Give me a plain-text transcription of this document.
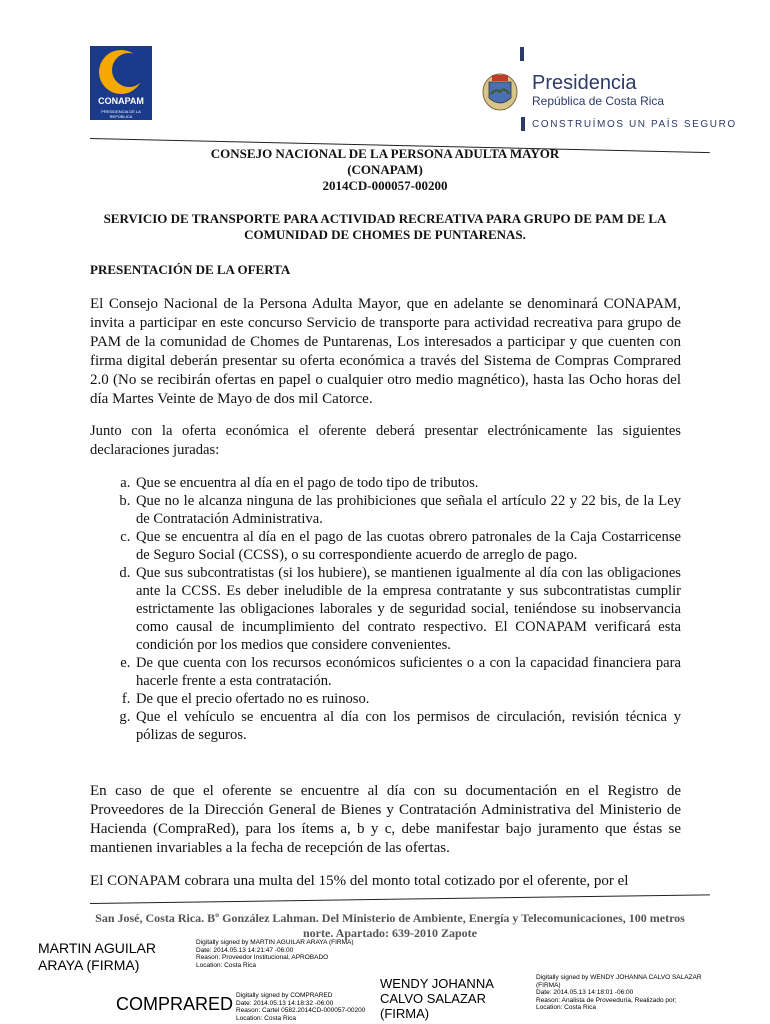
CONAPAM
PRESIDENCIA DE LA REPÚBLICA
Presidencia
República de Costa Rica
CONSTRUÍMOS UN PAÍS SEGURO
CONSEJO NACIONAL DE LA PERSONA ADULTA MAYOR
(CONAPAM)
2014CD-000057-00200
SERVICIO DE TRANSPORTE PARA ACTIVIDAD RECREATIVA PARA GRUPO DE PAM DE LA COMUNIDAD DE CHOMES DE PUNTARENAS.
PRESENTACIÓN DE LA OFERTA
El Consejo Nacional de la Persona Adulta Mayor, que en adelante se denominará CONAPAM, invita a participar en este concurso Servicio de transporte para actividad recreativa para grupo de PAM de la comunidad de Chomes de Puntarenas, Los interesados a participar y que cuenten con firma digital deberán presentar su oferta económica a través del Sistema de Compras Comprared 2.0 (No se recibirán ofertas en papel o cualquier otro medio magnético), hasta las Ocho horas del día Martes Veinte de Mayo de dos mil Catorce.
Junto con la oferta económica el oferente deberá presentar electrónicamente las siguientes declaraciones juradas:
a. Que se encuentra al día en el pago de todo tipo de tributos.
b. Que no le alcanza ninguna de las prohibiciones que señala el artículo 22 y 22 bis, de la Ley de Contratación Administrativa.
c. Que se encuentra al día en el pago de las cuotas obrero patronales de la Caja Costarricense de Seguro Social (CCSS), o su correspondiente acuerdo de arreglo de pago.
d. Que sus subcontratistas (si los hubiere), se mantienen igualmente al día con las obligaciones ante la CCSS. Es deber ineludible de la empresa contratante y sus subcontratistas cumplir estrictamente las obligaciones laborales y de seguridad social, teniéndose su inobservancia como causal de incumplimiento del contrato respectivo. El CONAPAM verificará esta condición por los medios que considere convenientes.
e. De que cuenta con los recursos económicos suficientes o a con la capacidad financiera para hacerle frente a esta contratación.
f. De que el precio ofertado no es ruinoso.
g. Que el vehículo se encuentra al día con los permisos de circulación, revisión técnica y pólizas de seguros.
En caso de que el oferente se encuentre al día con su documentación en el Registro de Proveedores de la Dirección General de Bienes y Contratación Administrativa del Ministerio de Hacienda (CompraRed), para los ítems a, b y c, debe manifestar bajo juramento que éstas se mantienen invariables a la fecha de recepción de las ofertas.
El CONAPAM cobrara una multa del 15% del monto total cotizado por el oferente, por el
San José, Costa Rica. Bº González Lahman. Del Ministerio de Ambiente, Energía y Telecomunicaciones, 100 metros norte. Apartado: 639-2010 Zapote
MARTIN AGUILAR ARAYA (FIRMA)
Digitally signed by MARTIN AGUILAR ARAYA (FIRMA)
Date: 2014.05.13 14:21:47 -06:00
Reason: Proveedor Institucional, APROBADO
Location: Costa Rica
WENDY JOHANNA CALVO SALAZAR (FIRMA)
Digitally signed by WENDY JOHANNA CALVO SALAZAR (FIRMA)
Date: 2014.05.13 14:18:01 -06:00
Reason: Analista de Proveeduría, Realizado por;
Location: Costa Rica
COMPRARED Digitally signed by COMPRARED
Date: 2014.05.13 14:18:32 -06:00
Reason: Cartel 0582.2014CD-000057-00200
Location: Costa Rica
